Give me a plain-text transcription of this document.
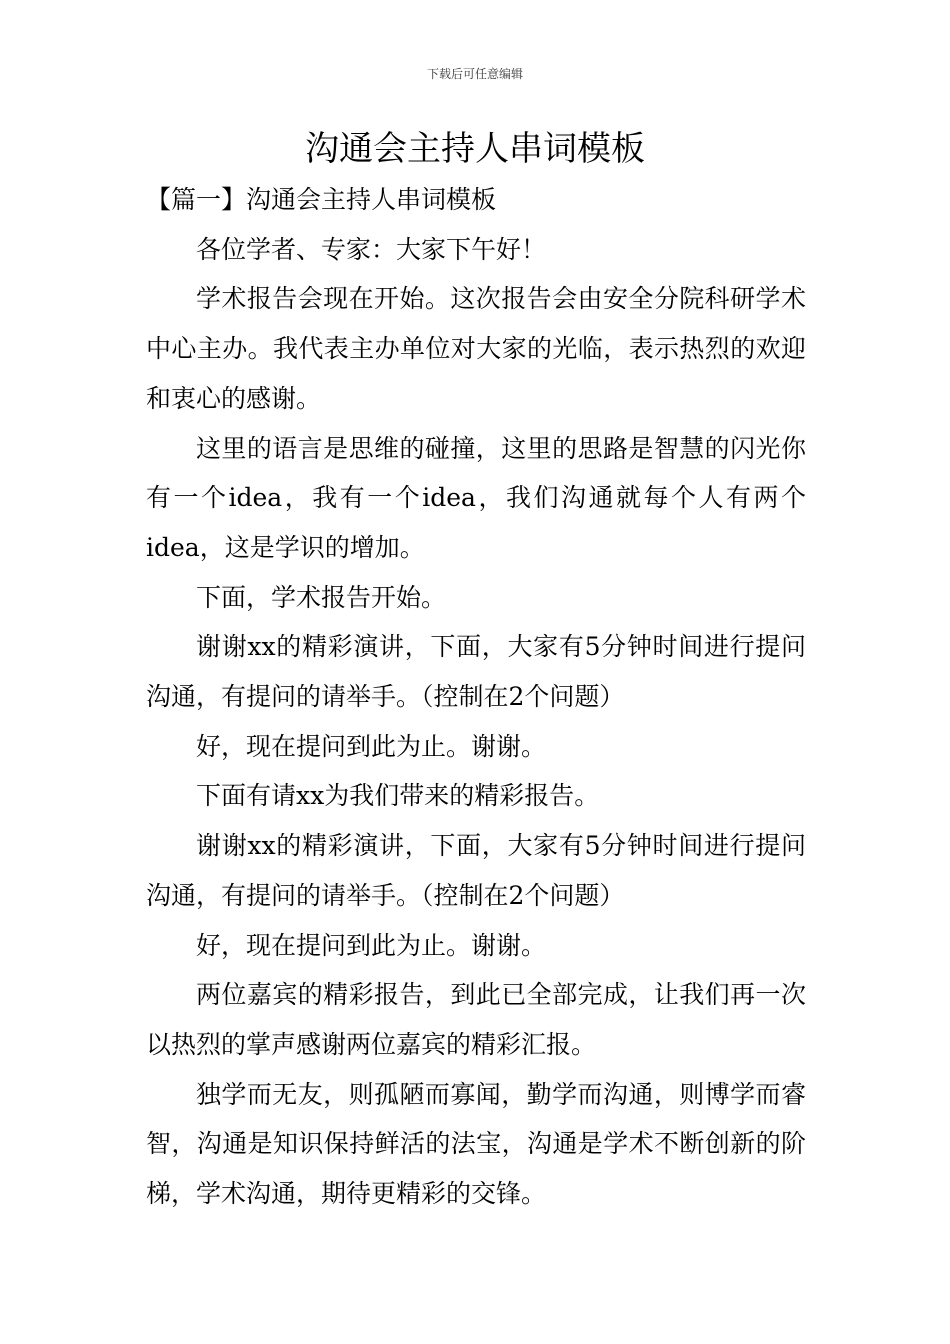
下载后可任意编辑
沟通会主持人串词模板

【篇一】沟通会主持人串词模板

各位学者、专家：大家下午好！

学术报告会现在开始。这次报告会由安全分院科研学术中心主办。我代表主办单位对大家的光临，表示热烈的欢迎和衷心的感谢。

这里的语言是思维的碰撞，这里的思路是智慧的闪光你有一个idea，我有一个idea，我们沟通就每个人有两个idea，这是学识的增加。

下面，学术报告开始。

谢谢xx的精彩演讲，下面，大家有5分钟时间进行提问沟通，有提问的请举手。（控制在2个问题）

好，现在提问到此为止。谢谢。

下面有请xx为我们带来的精彩报告。

谢谢xx的精彩演讲，下面，大家有5分钟时间进行提问沟通，有提问的请举手。（控制在2个问题）

好，现在提问到此为止。谢谢。

两位嘉宾的精彩报告，到此已全部完成，让我们再一次以热烈的掌声感谢两位嘉宾的精彩汇报。

独学而无友，则孤陋而寡闻，勤学而沟通，则博学而睿智，沟通是知识保持鲜活的法宝，沟通是学术不断创新的阶梯，学术沟通，期待更精彩的交锋。
